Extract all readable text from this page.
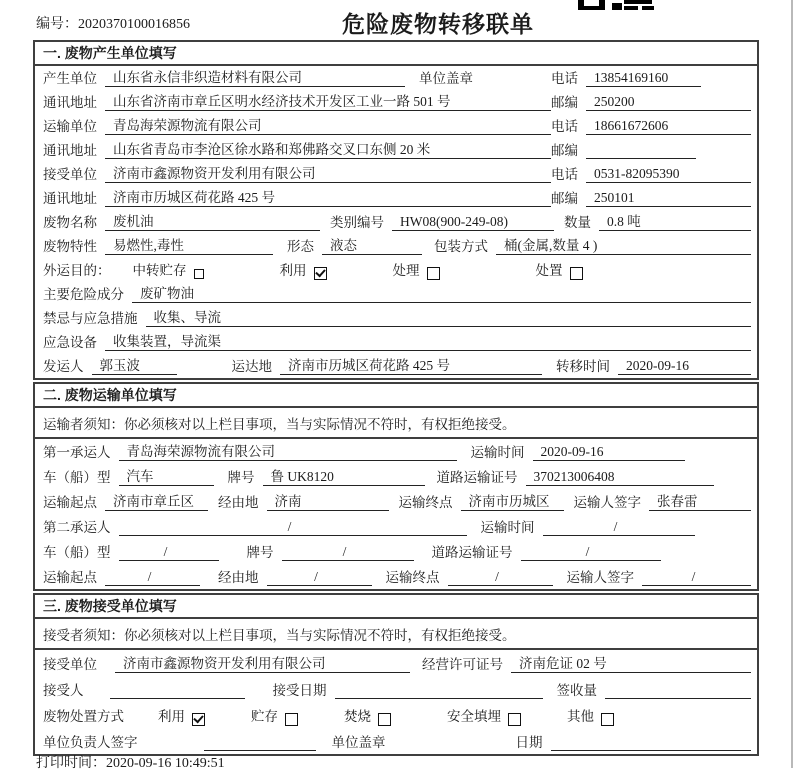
编号：2020370100016856	危险废物转移联单
一. 废物产生单位填写
产生单位	山东省永信非织造材料有限公司	单位盖章	电话	13854169160
通讯地址	山东省济南市章丘区明水经济技术开发区工业一路 501 号	邮编	250200
运输单位	青岛海荣源物流有限公司	电话	18661672606
通讯地址	山东省青岛市李沧区徐水路和郑佛路交叉口东侧 20 米	邮编
接受单位	济南市鑫源物资开发利用有限公司	电话	0531-82095390
通讯地址	济南市历城区荷花路 425 号	邮编	250101
废物名称	废机油	类别编号	HW08(900-249-08)	数量	0.8 吨
废物特性	易燃性,毒性	形态	液态	包装方式	桶(金属,数量 4 )
外运目的： 中转贮存	利用	处理	处置
主要危险成分	废矿物油
禁忌与应急措施	收集、导流
应急设备	收集装置，导流渠
发运人	郭玉波	运达地	济南市历城区荷花路 425 号	转移时间	2020-09-16
二. 废物运输单位填写
运输者须知：你必须核对以上栏目事项，当与实际情况不符时，有权拒绝接受。
第一承运人	青岛海荣源物流有限公司	运输时间	2020-09-16
车（船）型	汽车	牌号	鲁 UK8120	道路运输证号	370213006408
运输起点	济南市章丘区	经由地	济南	运输终点	济南市历城区	运输人签字	张春雷
第二承运人	/	运输时间	/
车（船）型	/	牌号	/	道路运输证号	/
运输起点	/	经由地	/	运输终点	/	运输人签字	/
三. 废物接受单位填写
接受者须知：你必须核对以上栏目事项，当与实际情况不符时，有权拒绝接受。
接受单位	济南市鑫源物资开发利用有限公司	经营许可证号	济南危证 02 号
接受人	接受日期	签收量
废物处置方式	利用	贮存	焚烧	安全填埋	其他
单位负责人签字	单位盖章	日期
打印时间：2020-09-16 10:49:51
